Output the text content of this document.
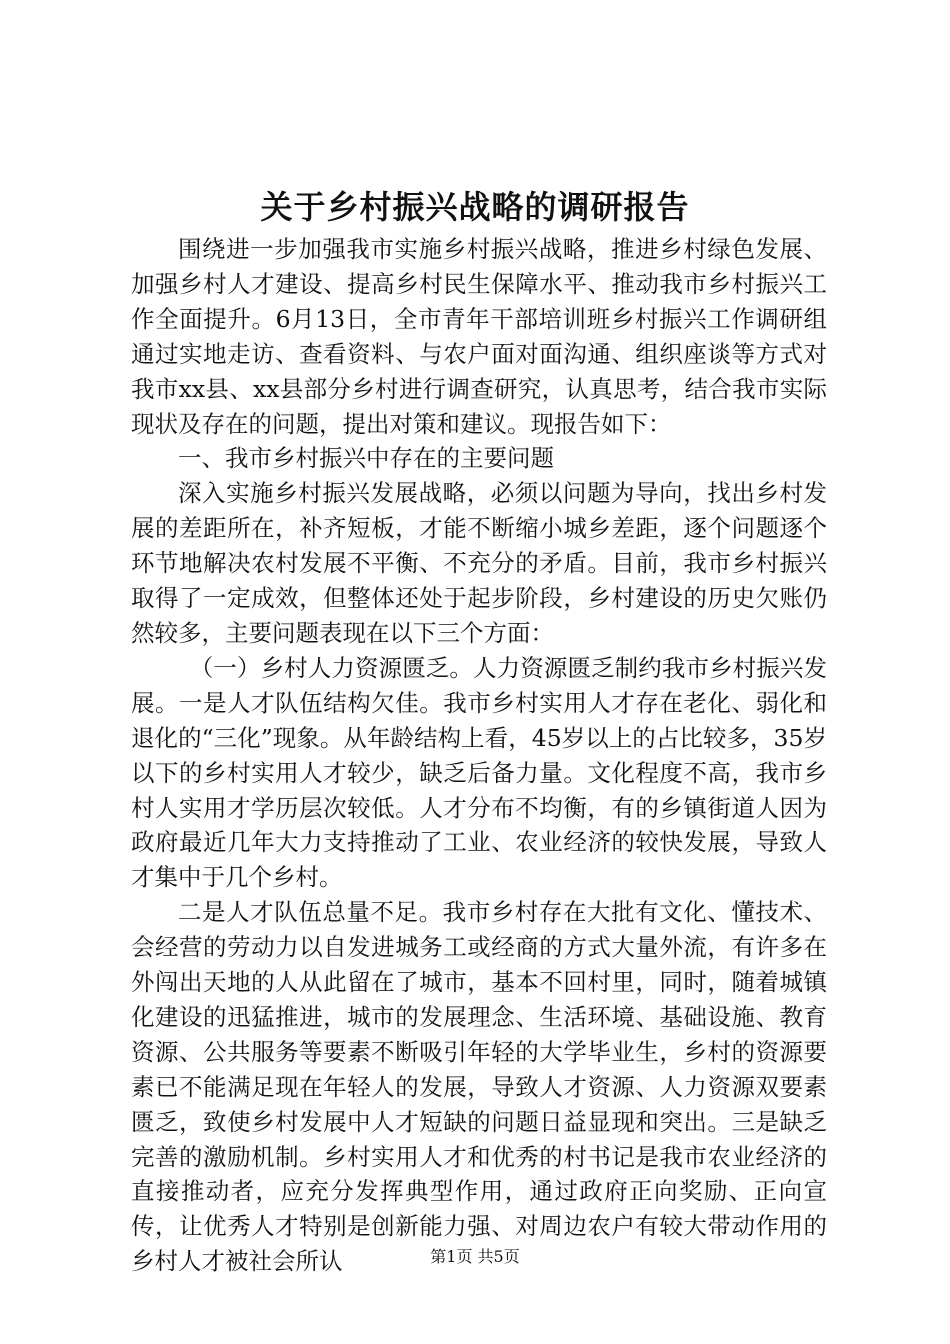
关于乡村振兴战略的调研报告

围绕进一步加强我市实施乡村振兴战略，推进乡村绿色发展、加强乡村人才建设、提高乡村民生保障水平、推动我市乡村振兴工作全面提升。6月13日，全市青年干部培训班乡村振兴工作调研组通过实地走访、查看资料、与农户面对面沟通、组织座谈等方式对我市xx县、xx县部分乡村进行调查研究，认真思考，结合我市实际现状及存在的问题，提出对策和建议。现报告如下：

一、我市乡村振兴中存在的主要问题

深入实施乡村振兴发展战略，必须以问题为导向，找出乡村发展的差距所在，补齐短板，才能不断缩小城乡差距，逐个问题逐个环节地解决农村发展不平衡、不充分的矛盾。目前，我市乡村振兴取得了一定成效，但整体还处于起步阶段，乡村建设的历史欠账仍然较多，主要问题表现在以下三个方面：

（一）乡村人力资源匮乏。人力资源匮乏制约我市乡村振兴发展。一是人才队伍结构欠佳。我市乡村实用人才存在老化、弱化和退化的“三化”现象。从年龄结构上看，45岁以上的占比较多，35岁以下的乡村实用人才较少，缺乏后备力量。文化程度不高，我市乡村人实用才学历层次较低。人才分布不均衡，有的乡镇街道人因为政府最近几年大力支持推动了工业、农业经济的较快发展，导致人才集中于几个乡村。

二是人才队伍总量不足。我市乡村存在大批有文化、懂技术、会经营的劳动力以自发进城务工或经商的方式大量外流，有许多在外闯出天地的人从此留在了城市，基本不回村里，同时，随着城镇化建设的迅猛推进，城市的发展理念、生活环境、基础设施、教育资源、公共服务等要素不断吸引年轻的大学毕业生，乡村的资源要素已不能满足现在年轻人的发展，导致人才资源、人力资源双要素匮乏，致使乡村发展中人才短缺的问题日益显现和突出。三是缺乏完善的激励机制。乡村实用人才和优秀的村书记是我市农业经济的直接推动者，应充分发挥典型作用，通过政府正向奖励、正向宣传，让优秀人才特别是创新能力强、对周边农户有较大带动作用的乡村人才被社会所认	第1页 共5页
